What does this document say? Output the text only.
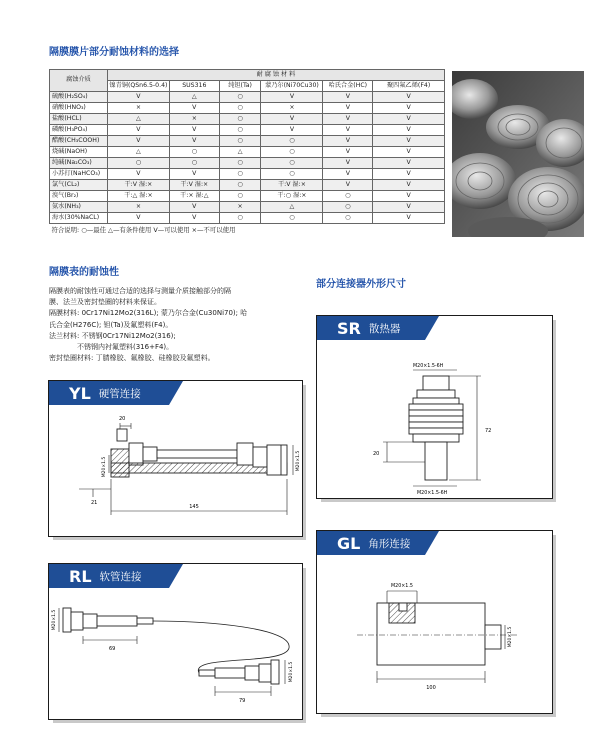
隔膜膜片部分耐蚀材料的选择
腐蚀介质	耐 腐 蚀 材 料					
	镍青铜(QSn6.5-0.4)	SUS316	纯钽(Ta)	蒙乃尔(Ni70Cu30)	哈氏合金(HC)	聚四氟乙烯(F4)
硫酸(H₂SO₄)	V	△	○	V	V	V
硝酸(HNO₃)	×	V	○	×	V	V
盐酸(HCL)	△	×	○	V	V	V
磷酸(H₃PO₄)	V	V	○	V	V	V
醋酸(CH₃COOH)	V	V	○	○	V	V
烧碱(NaOH)	△	○	△	○	V	V
纯碱(Na₂CO₃)	○	○	○	○	V	V
小苏打(NaHCO₃)	V	V	○	○	V	V
氯气(CL₂)	干:V 湿:×	干:V 湿:×	○	干:V 湿:×	V	V
溴气(Br₂)	干:△ 湿:×	干:× 湿:△	○	干:○ 湿:×	○	V
氨水(NH₃)	×	V	×	△	○	V
海水(30%NaCL)	V	V	○	○	○	V
符合说明: ○—最佳 △—有条件使用 V—可以使用 ×—不可以使用						
隔膜表的耐蚀性
隔膜表的耐蚀性可通过合适的选择与测量介质接触部分的隔
膜、法兰及密封垫圈的材料来保证。
隔膜材料: 0Cr17Ni12Mo2(316L); 蒙乃尔合金(Cu30Ni70); 哈
氏合金(H276C); 钽(Ta)及氟塑料(F4)。
法兰材料: 不锈钢0Cr17Ni12Mo2(316);
　　　　不锈钢内衬氟塑料(316+F4)。
密封垫圈材料: 丁腈橡胶、氟橡胶、硅橡胶及氟塑料。
部分连接器外形尺寸
YL 硬管连接
20
21
145
M20×1.5	M20×1.5
RL 软管连接
69
79
M20×1.5
M20×1.5
SR 散热器
M20×1.5-6H
72
20
M20×1.5-6H
GL 角形连接
M20×1.5
100
M20×1.5
